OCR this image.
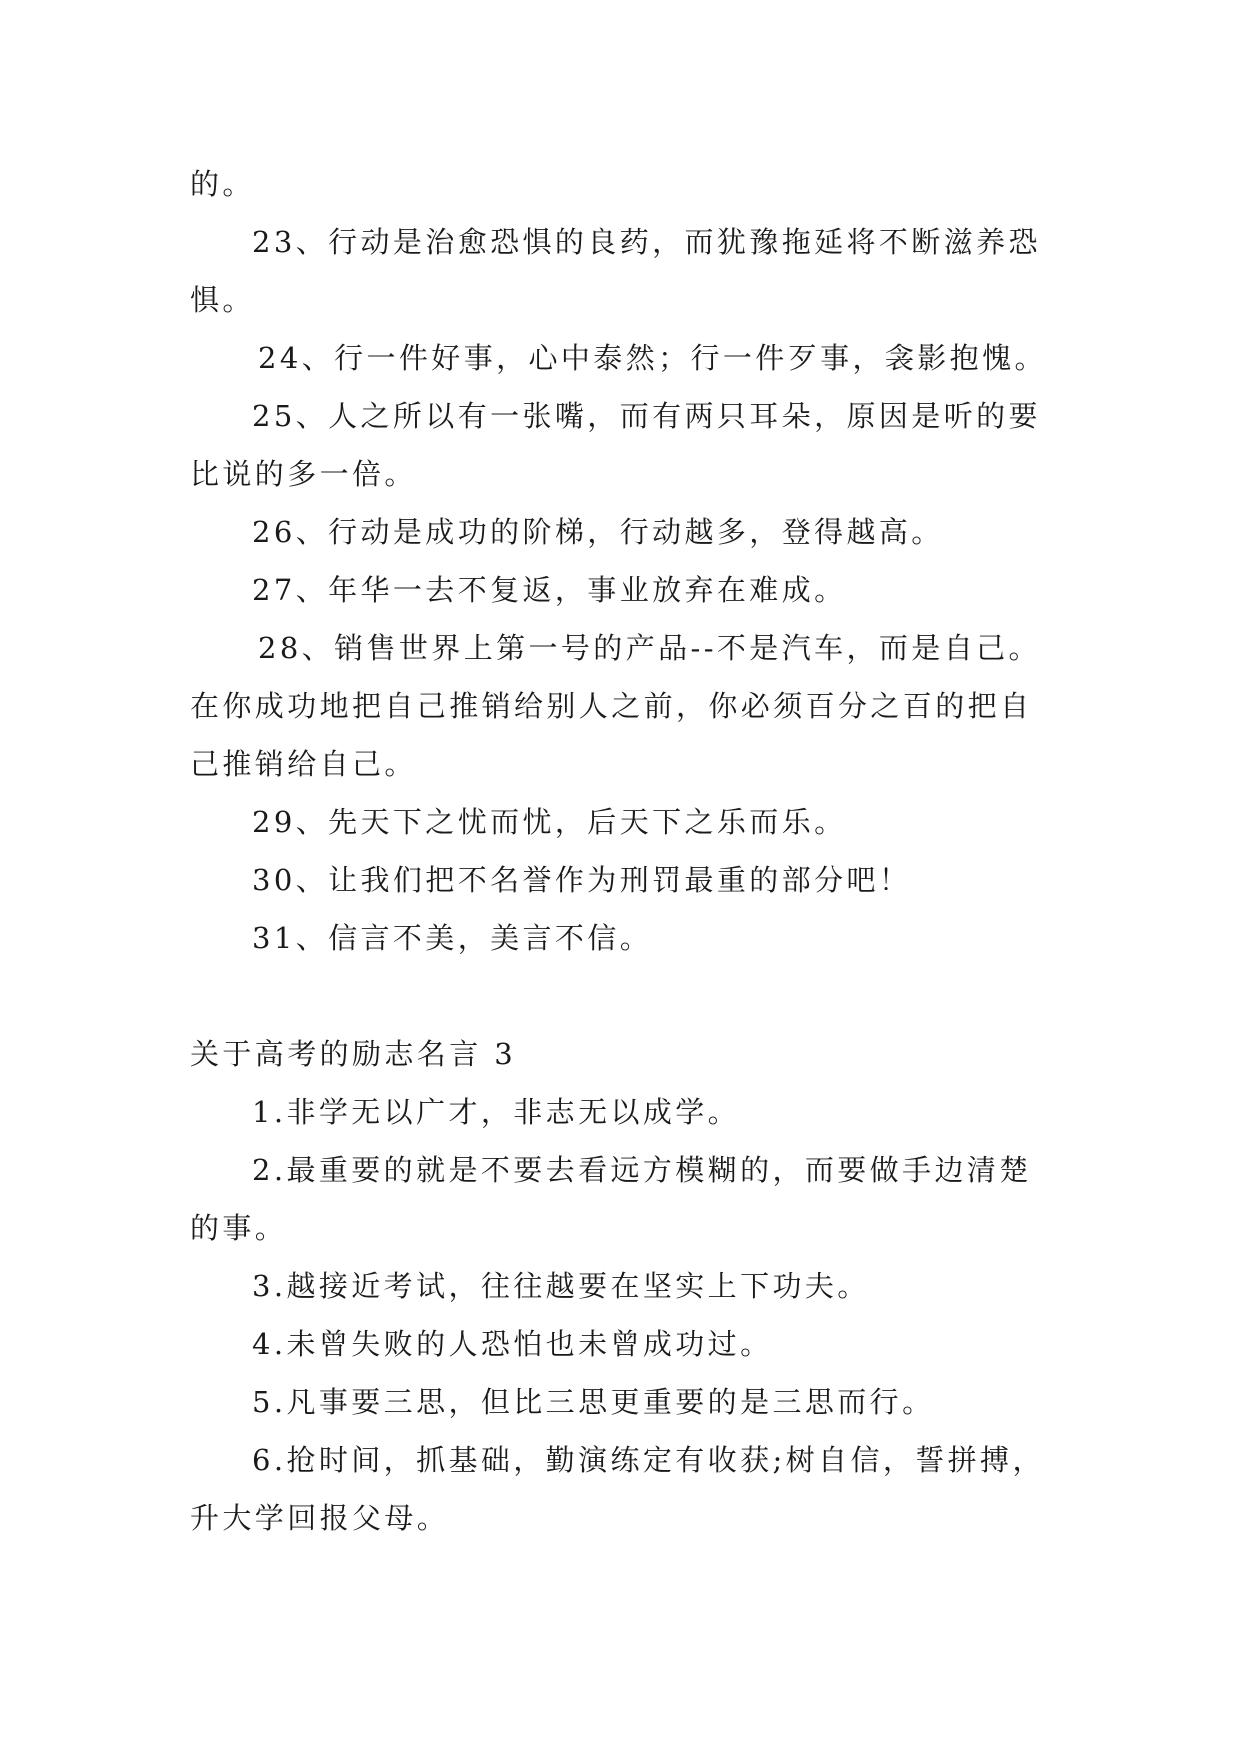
的。
23、行动是治愈恐惧的良药，而犹豫拖延将不断滋养恐
惧。
24、行一件好事，心中泰然；行一件歹事，衾影抱愧。
25、人之所以有一张嘴，而有两只耳朵，原因是听的要
比说的多一倍。
26、行动是成功的阶梯，行动越多，登得越高。
27、年华一去不复返，事业放弃在难成。
28、销售世界上第一号的产品--不是汽车，而是自己。
在你成功地把自己推销给别人之前，你必须百分之百的把自
己推销给自己。
29、先天下之忧而忧，后天下之乐而乐。
30、让我们把不名誉作为刑罚最重的部分吧！
31、信言不美，美言不信。
关于高考的励志名言 3
1.非学无以广才，非志无以成学。
2.最重要的就是不要去看远方模糊的，而要做手边清楚
的事。
3.越接近考试，往往越要在坚实上下功夫。
4.未曾失败的人恐怕也未曾成功过。
5.凡事要三思，但比三思更重要的是三思而行。
6.抢时间，抓基础，勤演练定有收获;树自信，誓拼搏，
升大学回报父母。
